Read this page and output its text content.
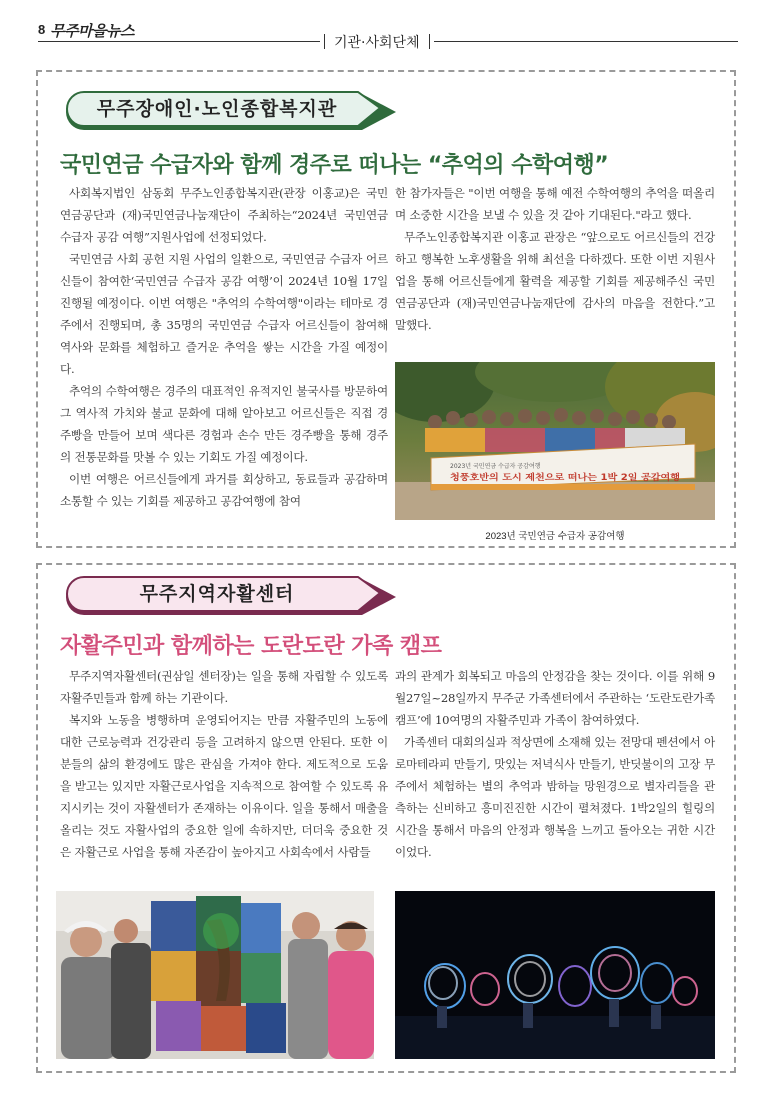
8 무주마을뉴스
기관·사회단체
무주장애인·노인종합복지관
국민연금 수급자와 함께 경주로 떠나는 “추억의 수학여행”

사회복지법인 삼동회 무주노인종합복지관(관장 이홍교)은 국민연금공단과 (재)국민연금나눔재단이 주최하는“2024년 국민연금 수급자 공감 여행”지원사업에 선정되었다.

국민연금 사회 공헌 지원 사업의 일환으로, 국민연금 수급자 어르신들이 참여한‘국민연금 수급자 공감 여행’이 2024년 10월 17일 진행될 예정이다. 이번 여행은 "추억의 수학여행"이라는 테마로 경주에서 진행되며, 총 35명의 국민연금 수급자 어르신들이 참여해 역사와 문화를 체험하고 즐거운 추억을 쌓는 시간을 가질 예정이다.

추억의 수학여행은 경주의 대표적인 유적지인 불국사를 방문하여 그 역사적 가치와 불교 문화에 대해 알아보고 어르신들은 직접 경주빵을 만들어 보며 색다른 경험과 손수 만든 경주빵을 통해 경주의 전통문화를 맛볼 수 있는 기회도 가질 예정이다.

이번 여행은 어르신들에게 과거를 회상하고, 동료들과 공감하며 소통할 수 있는 기회를 제공하고 공감여행에 참여

한 참가자들은 "이번 여행을 통해 예전 수학여행의 추억을 떠올리며 소중한 시간을 보낼 수 있을 것 같아 기대된다."라고 했다.

무주노인종합복지관 이홍교 관장은 “앞으로도 어르신들의 건강하고 행복한 노후생활을 위해 최선을 다하겠다. 또한 이번 지원사업을 통해 어르신들에게 활력을 제공할 기회를 제공해주신 국민연금공단과 (재)국민연금나눔재단에 감사의 마음을 전한다.”고 말했다.

2023년 국민연금 수급자 공감여행
청풍호반의 도시 제천으로 떠나는 1박 2일 공감여행
2023년 국민연금 수급자 공감여행
무주지역자활센터
자활주민과 함께하는 도란도란 가족 캠프

무주지역자활센터(권삼일 센터장)는 일을 통해 자립할 수 있도록 자활주민들과 함께 하는 기관이다.

복지와 노동을 병행하며 운영되어지는 만큼 자활주민의 노동에 대한 근로능력과 건강관리 등을 고려하지 않으면 안된다. 또한 이분들의 삶의 환경에도 많은 관심을 가져야 한다. 제도적으로 도움을 받고는 있지만 자활근로사업을 지속적으로 참여할 수 있도록 유지시키는 것이 자활센터가 존재하는 이유이다. 일을 통해서 매출을 올리는 것도 자활사업의 중요한 일에 속하지만, 더더욱 중요한 것은 자활근로 사업을 통해 자존감이 높아지고 사회속에서 사람들

과의 관계가 회복되고 마음의 안정감을 찾는 것이다. 이를 위해 9월27일~28일까지 무주군 가족센터에서 주관하는 ‘도란도란가족캠프’에 10여명의 자활주민과 가족이 참여하였다.

가족센터 대회의실과 적상면에 소재해 있는 전망대 펜션에서 아로마테라피 만들기, 맛있는 저녁식사 만들기, 반딧불이의 고장 무주에서 체험하는 별의 추억과 밤하늘 망원경으로 별자리들을 관측하는 신비하고 흥미진진한 시간이 펼쳐졌다. 1박2일의 힐링의 시간을 통해서 마음의 안정과 행복을 느끼고 돌아오는 귀한 시간이었다.
